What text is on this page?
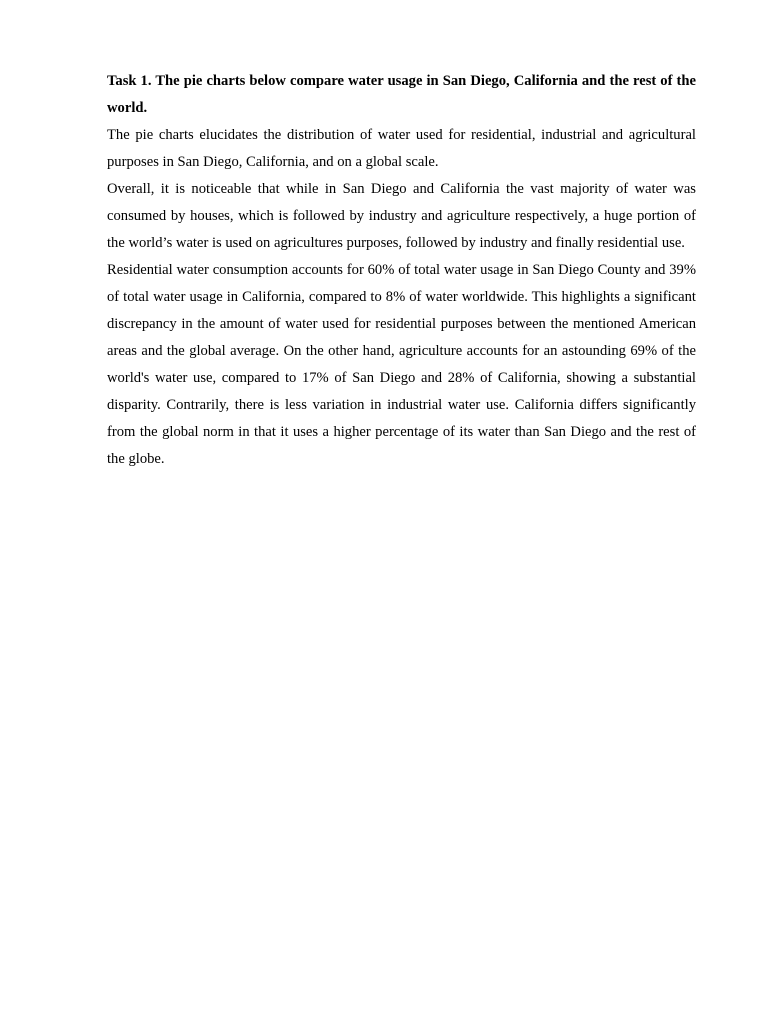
Task 1. The pie charts below compare water usage in San Diego, California and the rest of the world.

The pie charts elucidates the distribution of water used for residential, industrial and agricultural purposes in San Diego, California, and on a global scale.

Overall, it is noticeable that while in San Diego and California the vast majority of water was consumed by houses, which is followed by industry and agriculture respectively, a huge portion of the world’s water is used on agricultures purposes, followed by industry and finally residential use.

Residential water consumption accounts for 60% of total water usage in San Diego County and 39% of total water usage in California, compared to 8% of water worldwide. This highlights a significant discrepancy in the amount of water used for residential purposes between the mentioned American areas and the global average. On the other hand, agriculture accounts for an astounding 69% of the world's water use, compared to 17% of San Diego and 28% of California, showing a substantial disparity. Contrarily, there is less variation in industrial water use. California differs significantly from the global norm in that it uses a higher percentage of its water than San Diego and the rest of the globe.
